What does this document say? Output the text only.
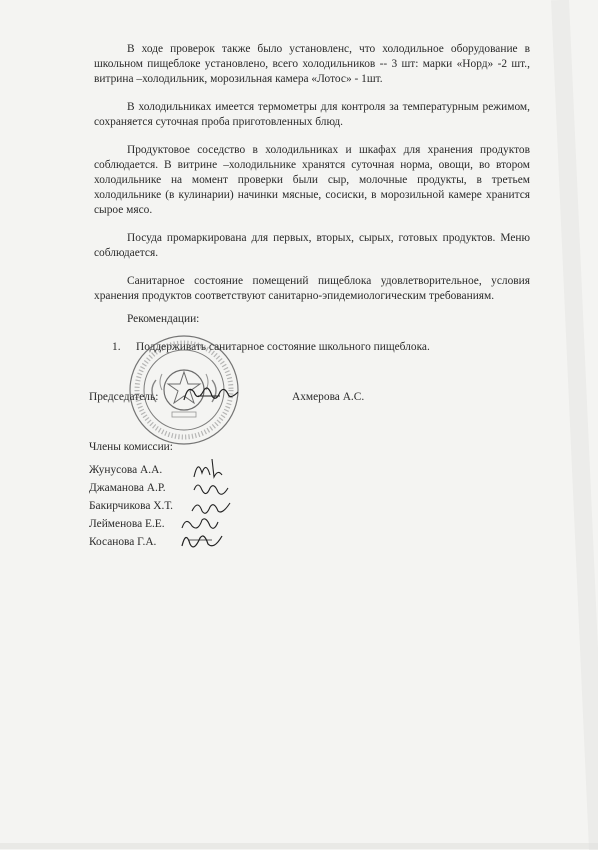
В ходе проверок также было установленс, что холодильное оборудование в школьном пищеблоке установлено, всего холодильников -- 3 шт: марки «Норд» -2 шт., витрина –холодильник, морозильная камера «Лотос» - 1шт.

В холодильниках имеется термометры для контроля за температурным режимом, сохраняется суточная проба приготовленных блюд.

Продуктовое соседство в холодильниках и шкафах для хранения продуктов соблюдается. В витрине –холодильнике хранятся суточная норма, овощи, во втором холодильнике на момент проверки были сыр, молочные продукты, в третьем холодильнике (в кулинарии) начинки мясные, сосиски, в морозильной камере хранится сырое мясо.

Посуда промаркирована для первых, вторых, сырых, готовых продуктов. Меню соблюдается.

Санитарное состояние помещений пищеблока удовлетворительное, условия хранения продуктов соответствуют санитарно-эпидемиологическим требованиям.

Рекомендации:

1. Поддерживать санитарное состояние школьного пищеблока.
Председатель:	Ахмерова А.С.
Члены комиссии:
Жунусова А.А.
Джаманова А.Р.
Бакирчикова Х.Т.
Лейменова Е.Е.
Косанова Г.А.
